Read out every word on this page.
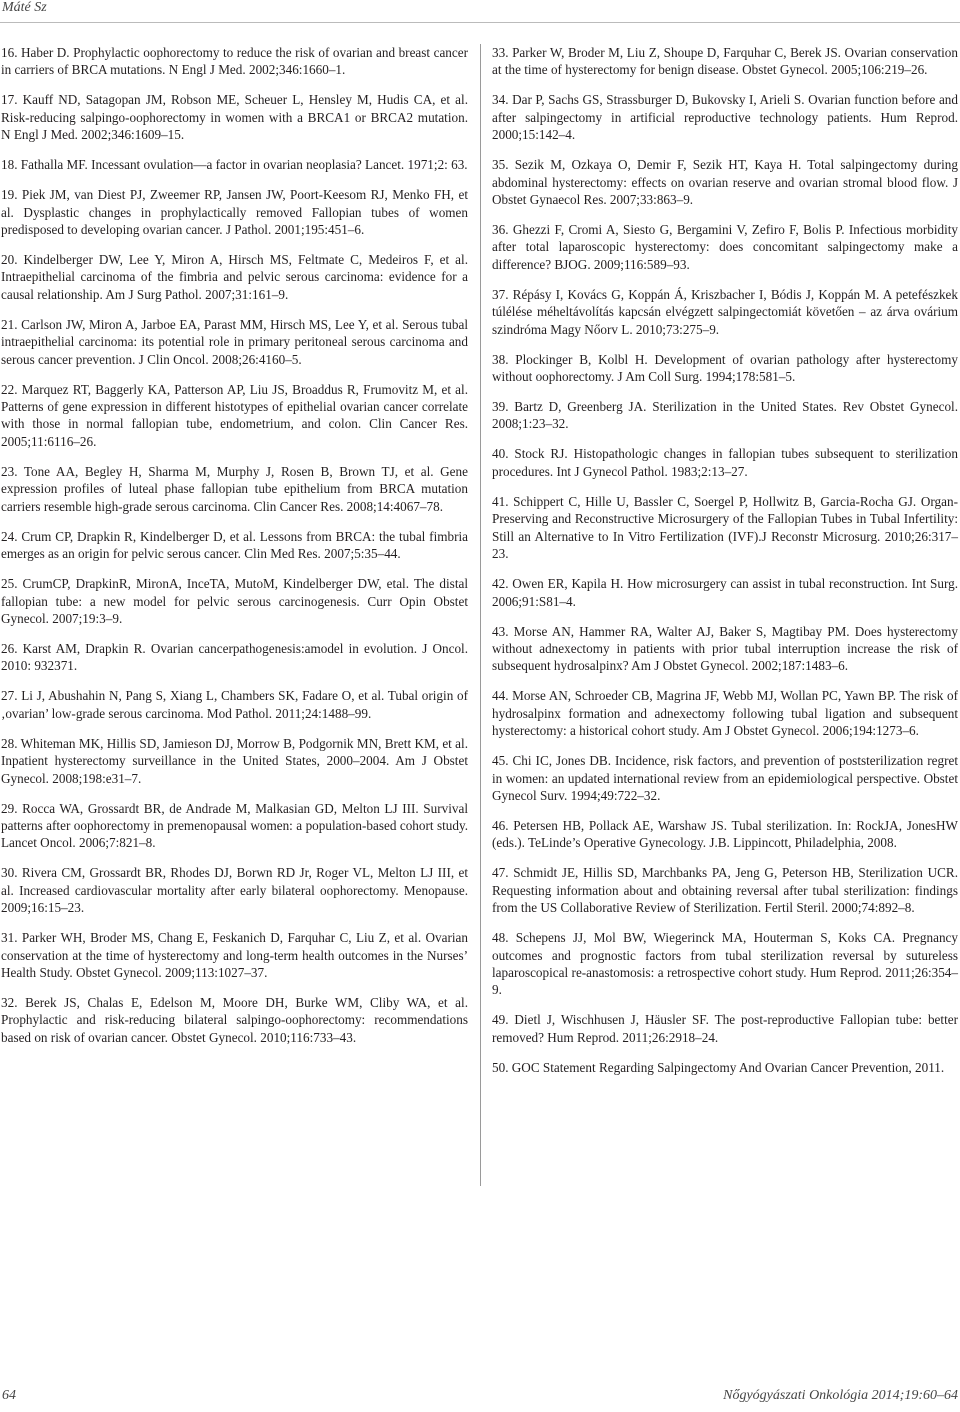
Máté Sz

16. Haber D. Prophylactic oophorectomy to reduce the risk of ovarian and breast cancer in carriers of BRCA mutations. N Engl J Med. 2002;346:1660–1.

17. Kauff ND, Satagopan JM, Robson ME, Scheuer L, Hensley M, Hudis CA, et al. Risk-reducing salpingo-oophorectomy in women with a BRCA1 or BRCA2 mutation. N Engl J Med. 2002;346:1609–15.

18. Fathalla MF. Incessant ovulation—a factor in ovarian neoplasia? Lancet. 1971;2: 63.

19. Piek JM, van Diest PJ, Zweemer RP, Jansen JW, Poort-Keesom RJ, Menko FH, et al. Dysplastic changes in prophylactically removed Fallopian tubes of women predisposed to developing ovarian cancer. J Pathol. 2001;195:451–6.

20. Kindelberger DW, Lee Y, Miron A, Hirsch MS, Feltmate C, Medeiros F, et al. Intraepithelial carcinoma of the fimbria and pelvic serous carcinoma: evidence for a causal relationship. Am J Surg Pathol. 2007;31:161–9.

21. Carlson JW, Miron A, Jarboe EA, Parast MM, Hirsch MS, Lee Y, et al. Serous tubal intraepithelial carcinoma: its potential role in primary peritoneal serous carcinoma and serous cancer prevention. J Clin Oncol. 2008;26:4160–5.

22. Marquez RT, Baggerly KA, Patterson AP, Liu JS, Broaddus R, Frumovitz M, et al. Patterns of gene expression in different histotypes of epithelial ovarian cancer correlate with those in normal fallopian tube, endometrium, and colon. Clin Cancer Res. 2005;11:6116–26.

23. Tone AA, Begley H, Sharma M, Murphy J, Rosen B, Brown TJ, et al. Gene expression profiles of luteal phase fallopian tube epithelium from BRCA mutation carriers resemble high-grade serous carcinoma. Clin Cancer Res. 2008;14:4067–78.

24. Crum CP, Drapkin R, Kindelberger D, et al. Lessons from BRCA: the tubal fimbria emerges as an origin for pelvic serous cancer. Clin Med Res. 2007;5:35–44.

25. CrumCP, DrapkinR, MironA, InceTA, MutoM, Kindelberger DW, etal. The distal fallopian tube: a new model for pelvic serous carcinogenesis. Curr Opin Obstet Gynecol. 2007;19:3–9.

26. Karst AM, Drapkin R. Ovarian cancerpathogenesis:amodel in evolution. J Oncol. 2010: 932371.

27. Li J, Abushahin N, Pang S, Xiang L, Chambers SK, Fadare O, et al. Tubal origin of ‚ovarian’ low-grade serous carcinoma. Mod Pathol. 2011;24:1488–99.

28. Whiteman MK, Hillis SD, Jamieson DJ, Morrow B, Podgornik MN, Brett KM, et al. Inpatient hysterectomy surveillance in the United States, 2000–2004. Am J Obstet Gynecol. 2008;198:e31–7.

29. Rocca WA, Grossardt BR, de Andrade M, Malkasian GD, Melton LJ III. Survival patterns after oophorectomy in premenopausal women: a population-based cohort study. Lancet Oncol. 2006;7:821–8.

30. Rivera CM, Grossardt BR, Rhodes DJ, Borwn RD Jr, Roger VL, Melton LJ III, et al. Increased cardiovascular mortality after early bilateral oophorectomy. Menopause. 2009;16:15–23.

31. Parker WH, Broder MS, Chang E, Feskanich D, Farquhar C, Liu Z, et al. Ovarian conservation at the time of hysterectomy and long-term health outcomes in the Nurses’ Health Study. Obstet Gynecol. 2009;113:1027–37.

32. Berek JS, Chalas E, Edelson M, Moore DH, Burke WM, Cliby WA, et al. Prophylactic and risk-reducing bilateral salpingo-oophorectomy: recommendations based on risk of ovarian cancer. Obstet Gynecol. 2010;116:733–43.

33. Parker W, Broder M, Liu Z, Shoupe D, Farquhar C, Berek JS. Ovarian conservation at the time of hysterectomy for benign disease. Obstet Gynecol. 2005;106:219–26.

34. Dar P, Sachs GS, Strassburger D, Bukovsky I, Arieli S. Ovarian function before and after salpingectomy in artificial reproductive technology patients. Hum Reprod. 2000;15:142–4.

35. Sezik M, Ozkaya O, Demir F, Sezik HT, Kaya H. Total salpingectomy during abdominal hysterectomy: effects on ovarian reserve and ovarian stromal blood flow. J Obstet Gynaecol Res. 2007;33:863–9.

36. Ghezzi F, Cromi A, Siesto G, Bergamini V, Zefiro F, Bolis P. Infectious morbidity after total laparoscopic hysterectomy: does concomitant salpingectomy make a difference? BJOG. 2009;116:589–93.

37. Répásy I, Kovács G, Koppán Á, Kriszbacher I, Bódis J, Koppán M. A petefészkek túlélése méheltávolítás kapcsán elvégzett salpingectomiát követően – az árva ovárium szindróma Magy Nőorv L. 2010;73:275–9.

38. Plockinger B, Kolbl H. Development of ovarian pathology after hysterectomy without oophorectomy. J Am Coll Surg. 1994;178:581–5.

39. Bartz D, Greenberg JA. Sterilization in the United States. Rev Obstet Gynecol. 2008;1:23–32.

40. Stock RJ. Histopathologic changes in fallopian tubes subsequent to sterilization procedures. Int J Gynecol Pathol. 1983;2:13–27.

41. Schippert C, Hille U, Bassler C, Soergel P, Hollwitz B, Garcia-Rocha GJ. Organ-Preserving and Reconstructive Microsurgery of the Fallopian Tubes in Tubal Infertility: Still an Alternative to In Vitro Fertilization (IVF).J Reconstr Microsurg. 2010;26:317–23.

42. Owen ER, Kapila H. How microsurgery can assist in tubal reconstruction. Int Surg. 2006;91:S81–4.

43. Morse AN, Hammer RA, Walter AJ, Baker S, Magtibay PM. Does hysterectomy without adnexectomy in patients with prior tubal interruption increase the risk of subsequent hydrosalpinx? Am J Obstet Gynecol. 2002;187:1483–6.

44. Morse AN, Schroeder CB, Magrina JF, Webb MJ, Wollan PC, Yawn BP. The risk of hydrosalpinx formation and adnexectomy following tubal ligation and subsequent hysterectomy: a historical cohort study. Am J Obstet Gynecol. 2006;194:1273–6.

45. Chi IC, Jones DB. Incidence, risk factors, and prevention of poststerilization regret in women: an updated international review from an epidemiological perspective. Obstet Gynecol Surv. 1994;49:722–32.

46. Petersen HB, Pollack AE, Warshaw JS. Tubal sterilization. In: RockJA, JonesHW (eds.). TeLinde’s Operative Gynecology. J.B. Lippincott, Philadelphia, 2008.

47. Schmidt JE, Hillis SD, Marchbanks PA, Jeng G, Peterson HB, Sterilization UCR. Requesting information about and obtaining reversal after tubal sterilization: findings from the US Collaborative Review of Sterilization. Fertil Steril. 2000;74:892–8.

48. Schepens JJ, Mol BW, Wiegerinck MA, Houterman S, Koks CA. Pregnancy outcomes and prognostic factors from tubal sterilization reversal by sutureless laparoscopical re-anastomosis: a retrospective cohort study. Hum Reprod. 2011;26:354–9.

49. Dietl J, Wischhusen J, Häusler SF. The post-reproductive Fallopian tube: better removed? Hum Reprod. 2011;26:2918–24.

50. GOC Statement Regarding Salpingectomy And Ovarian Cancer Prevention, 2011.

64	Nőgyógyászati Onkológia 2014;19:60–64
